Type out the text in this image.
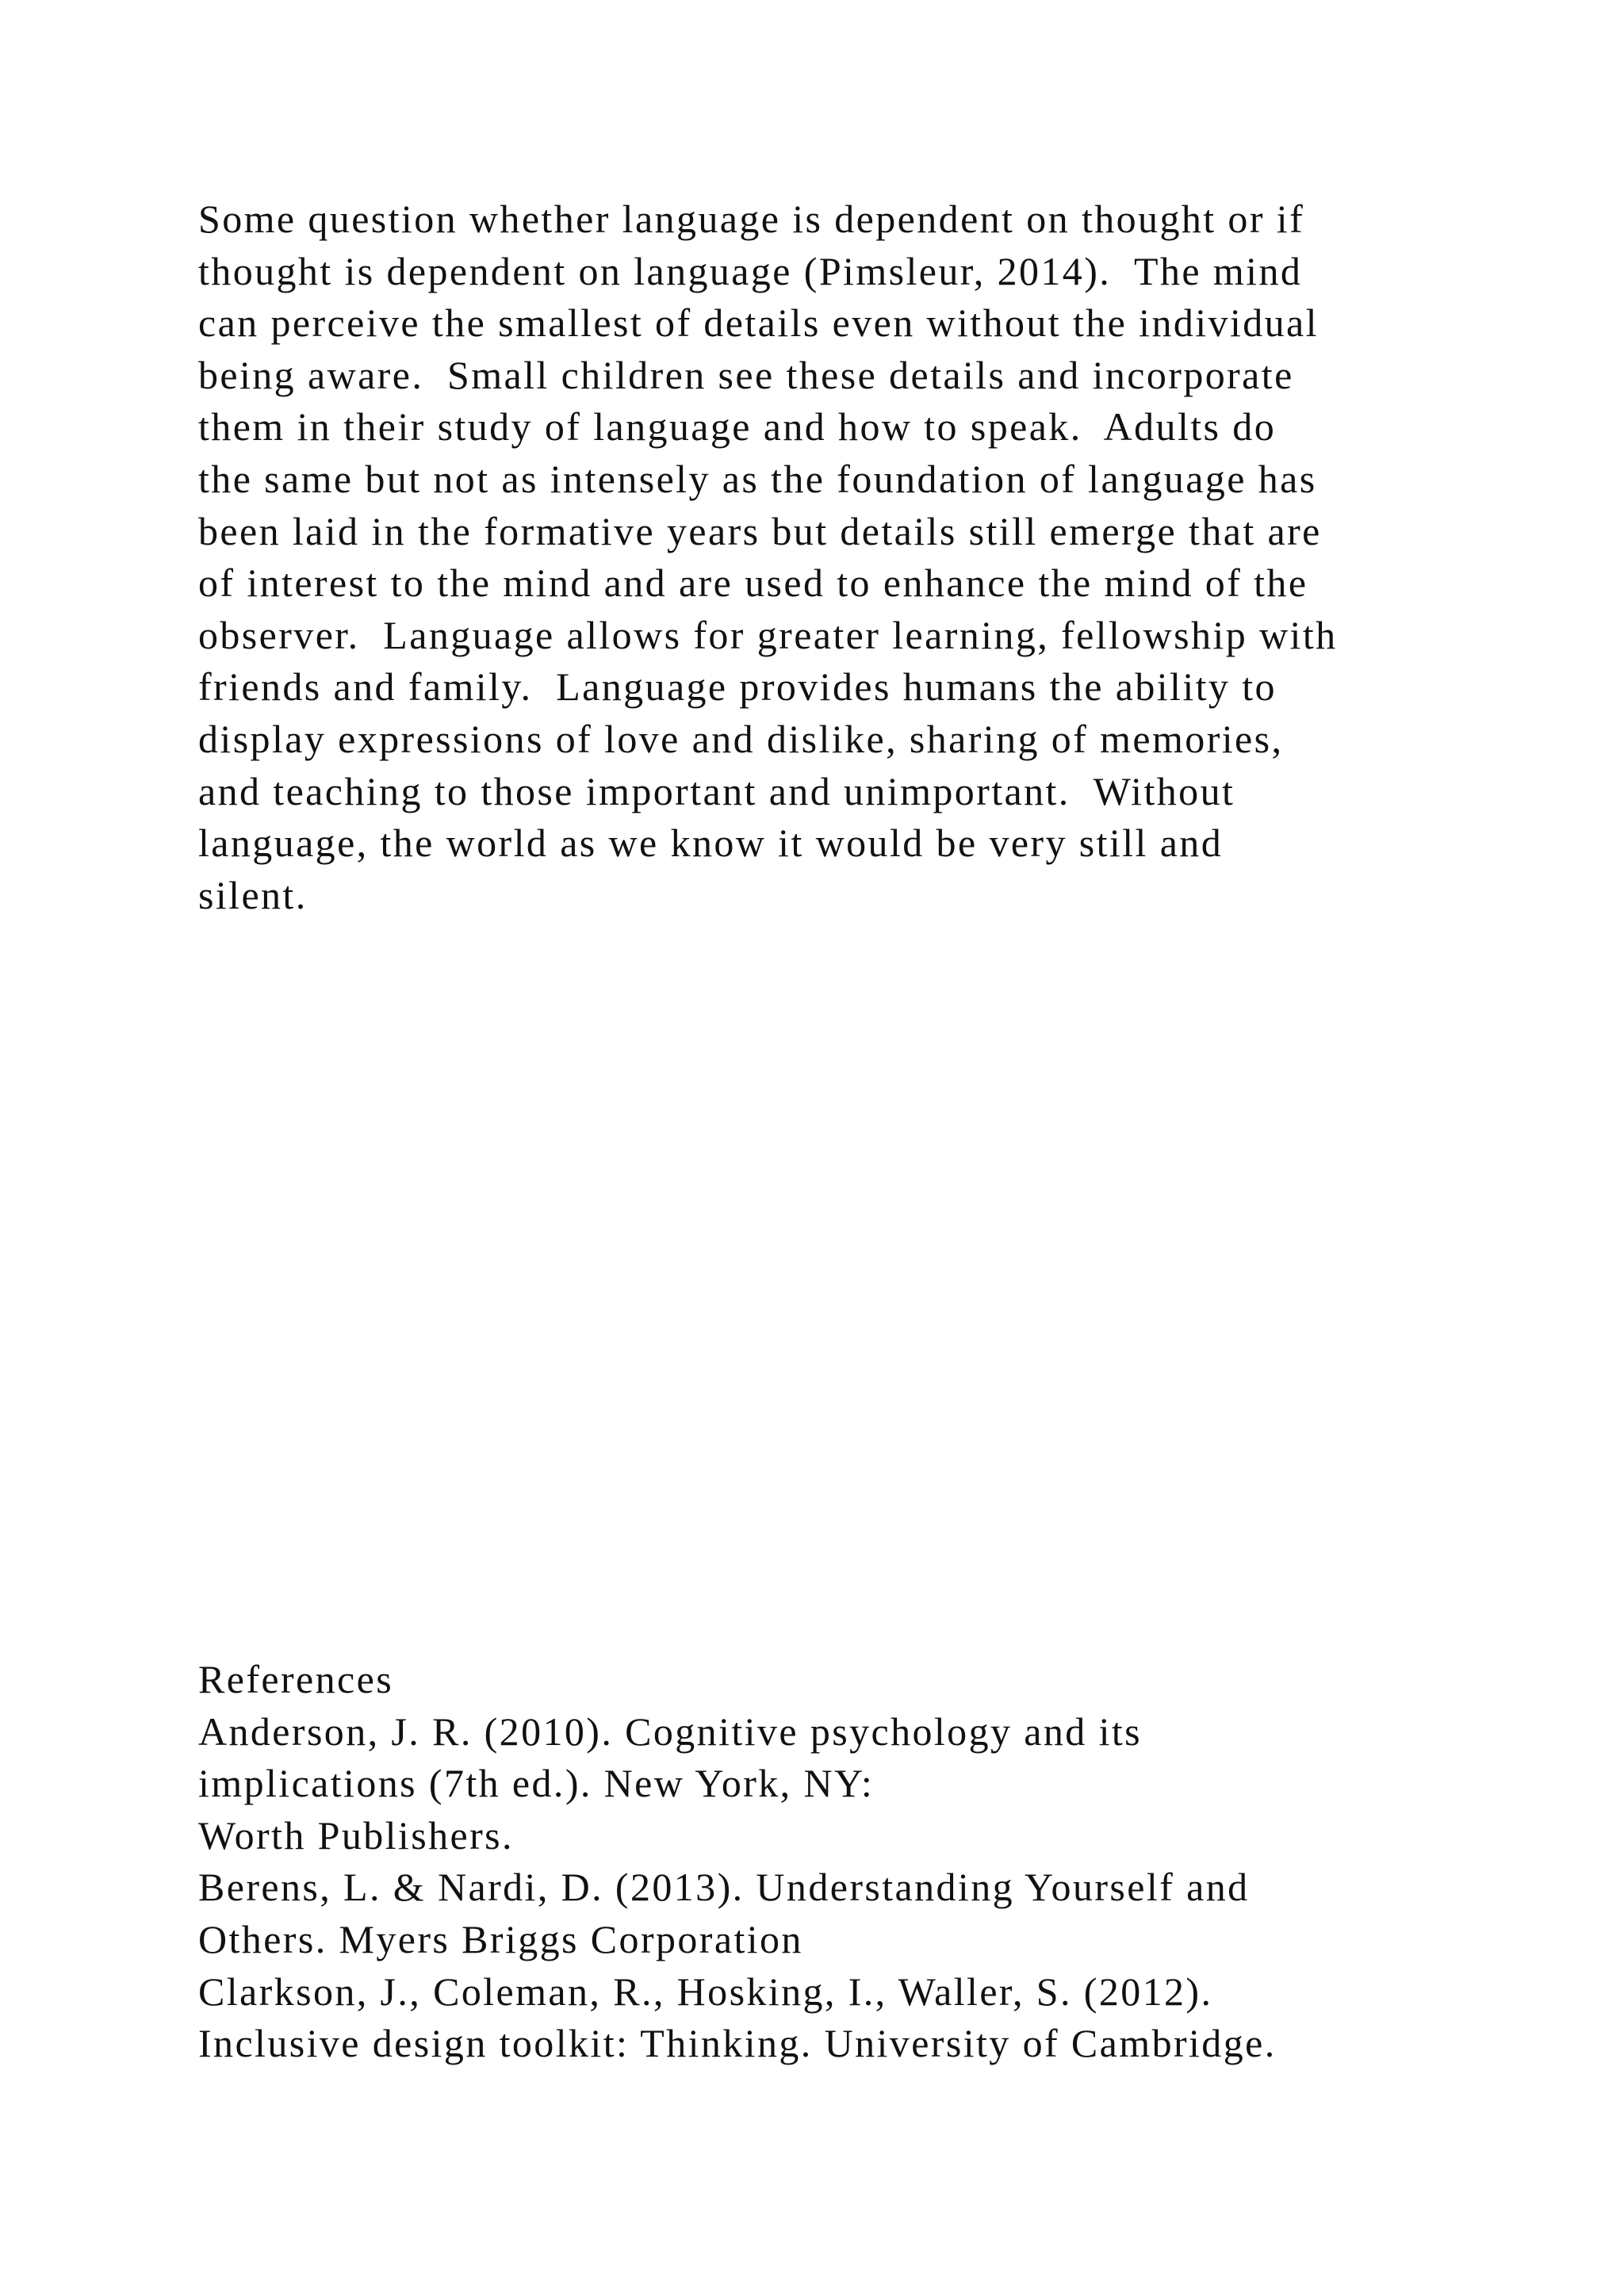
Some question whether language is dependent on thought or if
thought is dependent on language (Pimsleur, 2014).  The mind
can perceive the smallest of details even without the individual
being aware.  Small children see these details and incorporate
them in their study of language and how to speak.  Adults do
the same but not as intensely as the foundation of language has
been laid in the formative years but details still emerge that are
of interest to the mind and are used to enhance the mind of the
observer.  Language allows for greater learning, fellowship with
friends and family.  Language provides humans the ability to
display expressions of love and dislike, sharing of memories,
and teaching to those important and unimportant.  Without
language, the world as we know it would be very still and
silent.
References
Anderson, J. R. (2010). Cognitive psychology and its
implications (7th ed.). New York, NY:
Worth Publishers.
Berens, L. & Nardi, D. (2013). Understanding Yourself and
Others. Myers Briggs Corporation
Clarkson, J., Coleman, R., Hosking, I., Waller, S. (2012).
Inclusive design toolkit: Thinking. University of Cambridge.
